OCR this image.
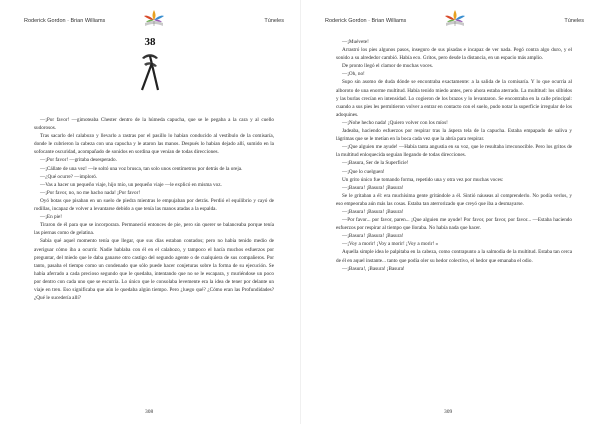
Roderick Gordon · Brian Williams	Túneles
38

—¡Por favor! —gimoteaba Chester dentro de la húmeda capucha, que se le pegaba a la cara y al cuello sudorosos.

Tras sacarlo del calabozo y llevarlo a rastras por el pasillo lo habían conducido al vestíbulo de la comisaría, donde le cubrieron la cabeza con una capucha y le ataron las manos. Después lo habían dejado allí, sumido en la sofocante oscuridad, acompañado de sonidos en sordina que venían de todas direcciones.

—¡Por favor! —gritaba desesperado.

—¡Cállate de una vez! —le soltó una voz brusca, tan solo unos centímetros por detrás de la oreja.

—¿Qué ocurre? —imploró.

—Vas a hacer un pequeño viaje, hijo mío, un pequeño viaje —le explicó en misma voz.

—¡Por favor, no, no me hacho nada! ¡Por favor!

Oyó botas que pisaban en un suelo de piedra mientras le empujaban por detrás. Perdió el equilibrio y cayó de rodillas, incapaz de volver a levantarse debido a que tenía las manos atadas a la espalda.

—¡En pie!

Tiraron de él para que se incorporara. Permaneció entonces de pie, pero sin querer se balanceaba porque tenía las piernas como de gelatina.

Sabía qué aquel momento tenía que llegar, que sus días estaban contados; pero no había tenido medio de averiguar cómo iba a ocurrir. Nadie hablaba con él en el calabozo, y tampoco el hacía muchos esfuerzos por preguntar, del miedo que le daba ganarse otro castigo del segundo agente o de cualquiera de sus compañeros. Por tanto, pasaba el tiempo como un condenado que sólo puede hacer conjeturas sobre la forma de su ejecución. Se había aferrado a cada precioso segundo que le quedaba, intentando que no se le escapara, y muriéndose un poco por dentro con cada uno que se escurría. Lo único que le consolaba levemente era la idea de tener por delante un viaje en tren. Eso significaba que aún le quedaba algún tiempo. Pero ¿luego qué? ¿Cómo eran las Profundidades? ¿Qué le sucedería allí?

308
Roderick Gordon · Brian Williams	Túneles

—¡Muévete!

Arrastró los pies algunos pasos, inseguro de sus pisadas e incapaz de ver nada. Pegó contra algo duro, y el sonido a su alrededor cambió. Había eco. Gritos, pero desde la distancia, en un espacio más amplio.

De pronto llegó el clamor de muchas voces.

—¡Oh, no!

Supo sin asomo de duda dónde se encontraba exactamente: a la salida de la comisaría. Y lo que ocurría al alboroto de una enorme multitud. Había tenido miedo antes, pero ahora estaba aterrado. La multitud: los silbidos y las burlas crecían en intensidad. Lo cogieron de los brazos y lo levantaron. Se encontraba en la calle principal: cuando a sus pies les permitieron volver a entrar en contacto con el suelo, pudo notar la superficie irregular de los adoquines.

—¡Nohe hecho nada! ¡Quiero volver con los míos!

Jadeaba, haciendo esfuerzos por respirar tras la áspera tela de la capucha. Estaba empapado de saliva y lágrimas que se le metían en la boca cada vez que la abría para respirar.

—¡Que alguien me ayude! —Había tanta angustia en su voz, que le resultaba irreconocible. Pero los gritos de la multitud enloquecida seguían llegando de todas direcciones.

—¡Basura, Ser de la Superficie!

—¡Que lo cuelguen!

Un grito único fue tomando forma, repetido una y otra vez por muchas voces:

—¡Basura! ¡Basura! ¡Basura!

Se le gritaban a él: era muchísima gente gritándole a él. Sintió náuseas al comprenderlo. No podía verlos, y eso empeoraba aún más las cosas. Estaba tan aterrorizado que creyó que iba a desmayarse.

—¡Basura! ¡Basura! ¡Basura!

—Por favor... por favor, paren... ¡Que alguien me ayude! Por favor, por favor, por favor... —Estaba haciendo esfuerzos por respirar al tiempo que lloraba. No había nada que hacer.

—¡Basura! ¡Basura! ¡Basura!

—¡Voy a morir! ¡Voy a morir! ¡Voy a morir! »

Aquella simple idea le palpitaba en la cabeza, como contrapunto a la salmodia de la multitud. Estaba tan cerca de él en aquel instante... tanto que podía oler su hedor colectivo, el hedor que emanaba el odio.

—¡Basura!, ¡Basura! ¡Basura!

309
